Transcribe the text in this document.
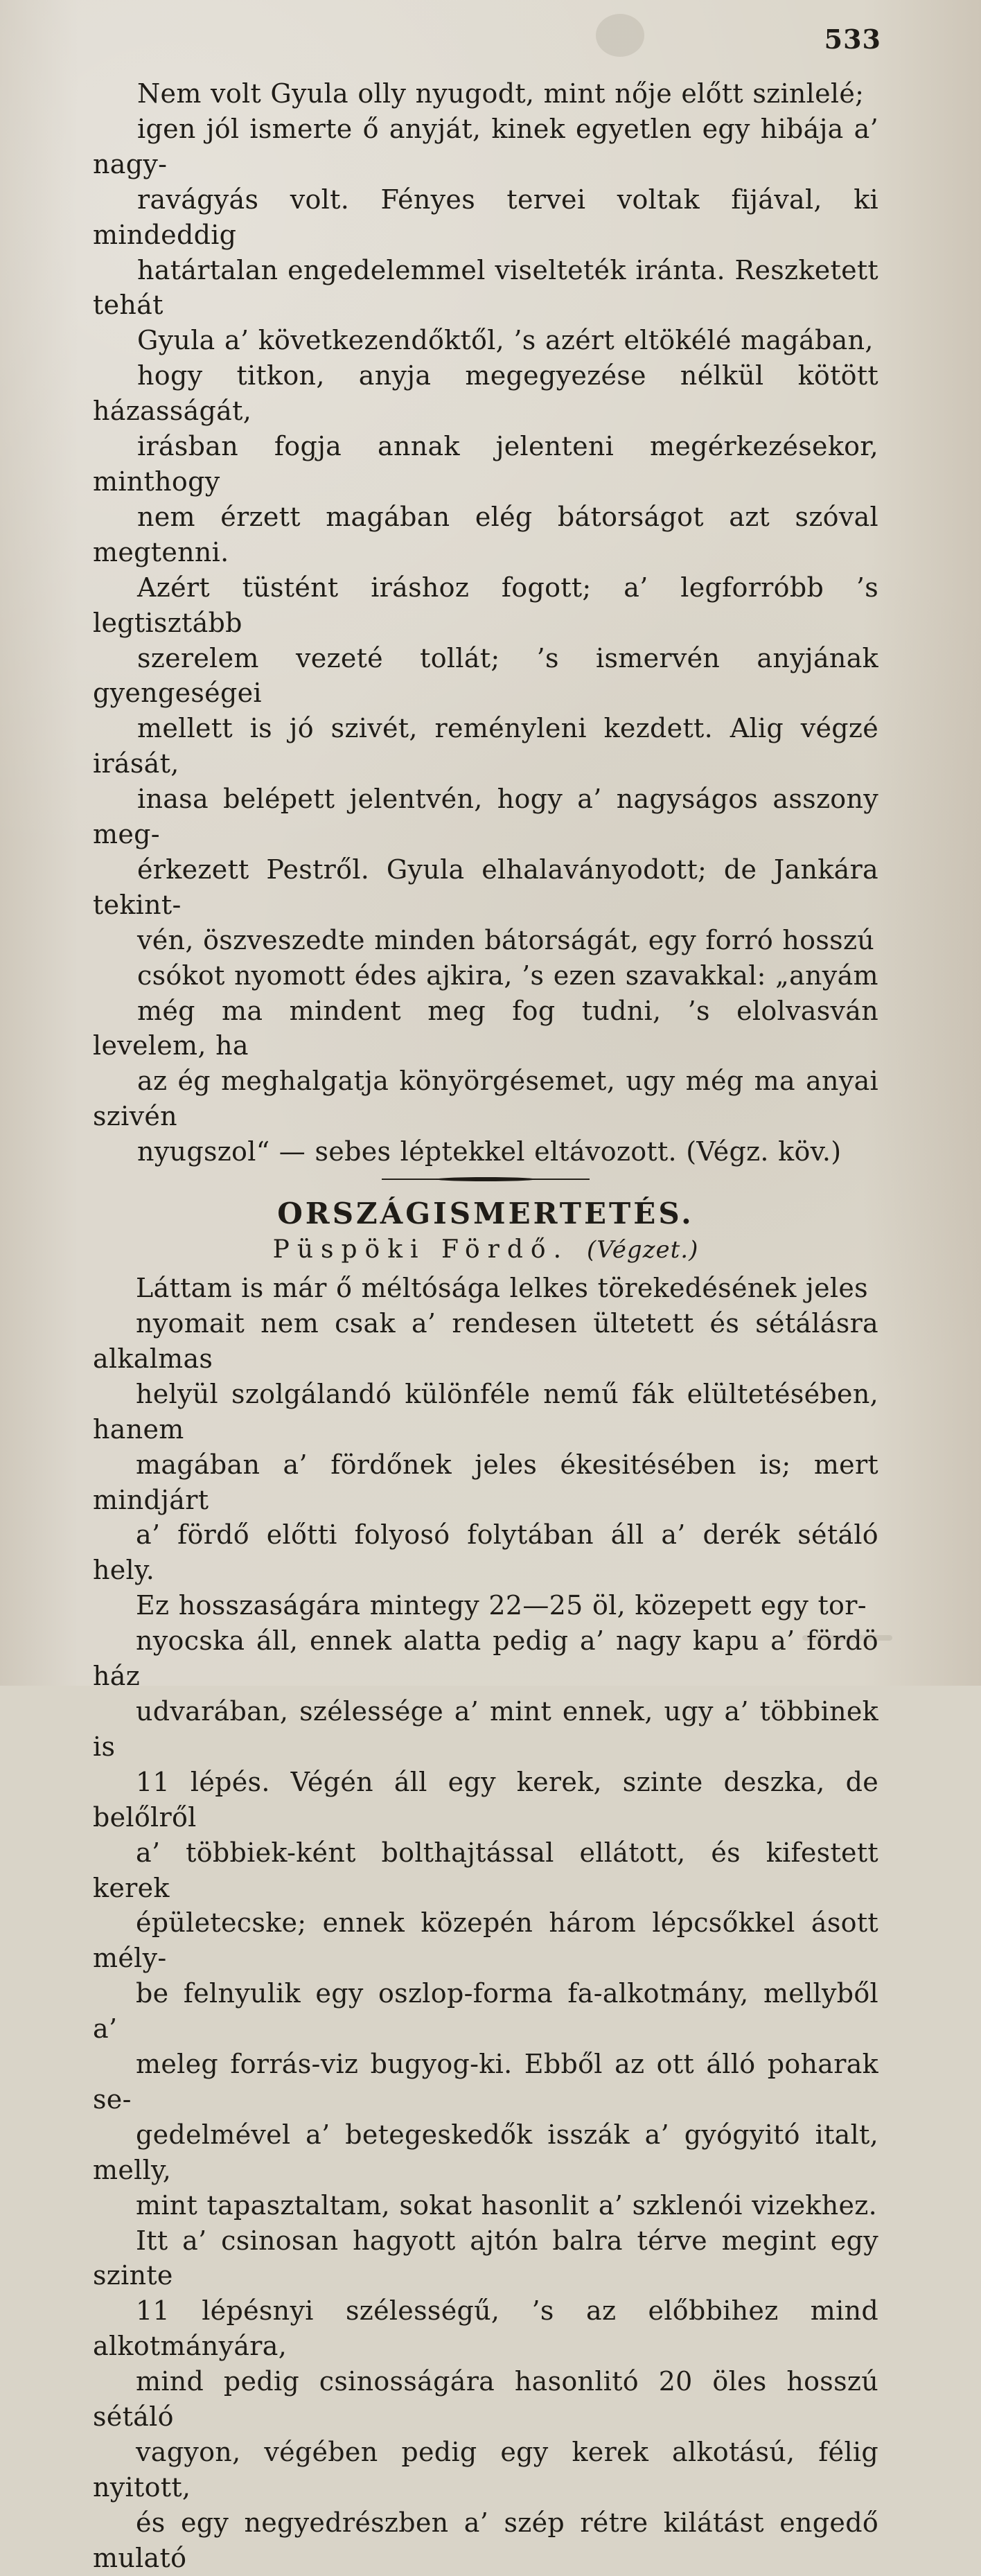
533

Nem volt Gyula olly nyugodt, mint nője előtt szinlelé;
igen jól ismerte ő anyját, kinek egyetlen egy hibája a’ nagy-
ravágyás volt. Fényes tervei voltak fijával, ki mindeddig
határtalan engedelemmel viselteték iránta. Reszketett tehát
Gyula a’ következendőktől, ’s azért eltökélé magában,
hogy titkon, anyja megegyezése nélkül kötött házasságát,
irásban fogja annak jelenteni megérkezésekor, minthogy
nem érzett magában elég bátorságot azt szóval megtenni.
Azért tüstént iráshoz fogott; a’ legforróbb ’s legtisztább
szerelem vezeté tollát; ’s ismervén anyjának gyengeségei
mellett is jó szivét, reményleni kezdett. Alig végzé irását,
inasa belépett jelentvén, hogy a’ nagyságos asszony meg-
érkezett Pestről. Gyula elhalaványodott; de Jankára tekint-
vén, öszveszedte minden bátorságát, egy forró hosszú
csókot nyomott édes ajkira, ’s ezen szavakkal: „anyám
még ma mindent meg fog tudni, ’s elolvasván levelem, ha
az ég meghalgatja könyörgésemet, ugy még ma anyai szivén
nyugszol“ — sebes léptekkel eltávozott. (Végz. köv.)

ORSZÁGISMERTETÉS.
Püspöki Fördő. (Végzet.)

Láttam is már ő méltósága lelkes törekedésének jeles
nyomait nem csak a’ rendesen ültetett és sétálásra alkalmas
helyül szolgálandó különféle nemű fák elültetésében, hanem
magában a’ fördőnek jeles ékesitésében is; mert mindjárt
a’ fördő előtti folyosó folytában áll a’ derék sétáló hely.
Ez hosszaságára mintegy 22—25 öl, közepett egy tor-
nyocska áll, ennek alatta pedig a’ nagy kapu a’ fördö ház
udvarában, szélessége a’ mint ennek, ugy a’ többinek is
11 lépés. Végén áll egy kerek, szinte deszka, de belőlről
a’ többiek-ként bolthajtással ellátott, és kifestett kerek
épületecske; ennek közepén három lépcsőkkel ásott mély-
be felnyulik egy oszlop-forma fa-alkotmány, mellyből a’
meleg forrás-viz bugyog-ki. Ebből az ott álló poharak se-
gedelmével a’ betegeskedők isszák a’ gyógyitó italt, melly,
mint tapasztaltam, sokat hasonlit a’ szklenói vizekhez.
Itt a’ csinosan hagyott ajtón balra térve megint egy szinte
11 lépésnyi szélességű, ’s az előbbihez mind alkotmányára,
mind pedig csinosságára hasonlitó 20 öles hosszú sétáló
vagyon, végében pedig egy kerek alkotású, félig nyitott,
és egy negyedrészben a’ szép rétre kilátást engedő mulató
